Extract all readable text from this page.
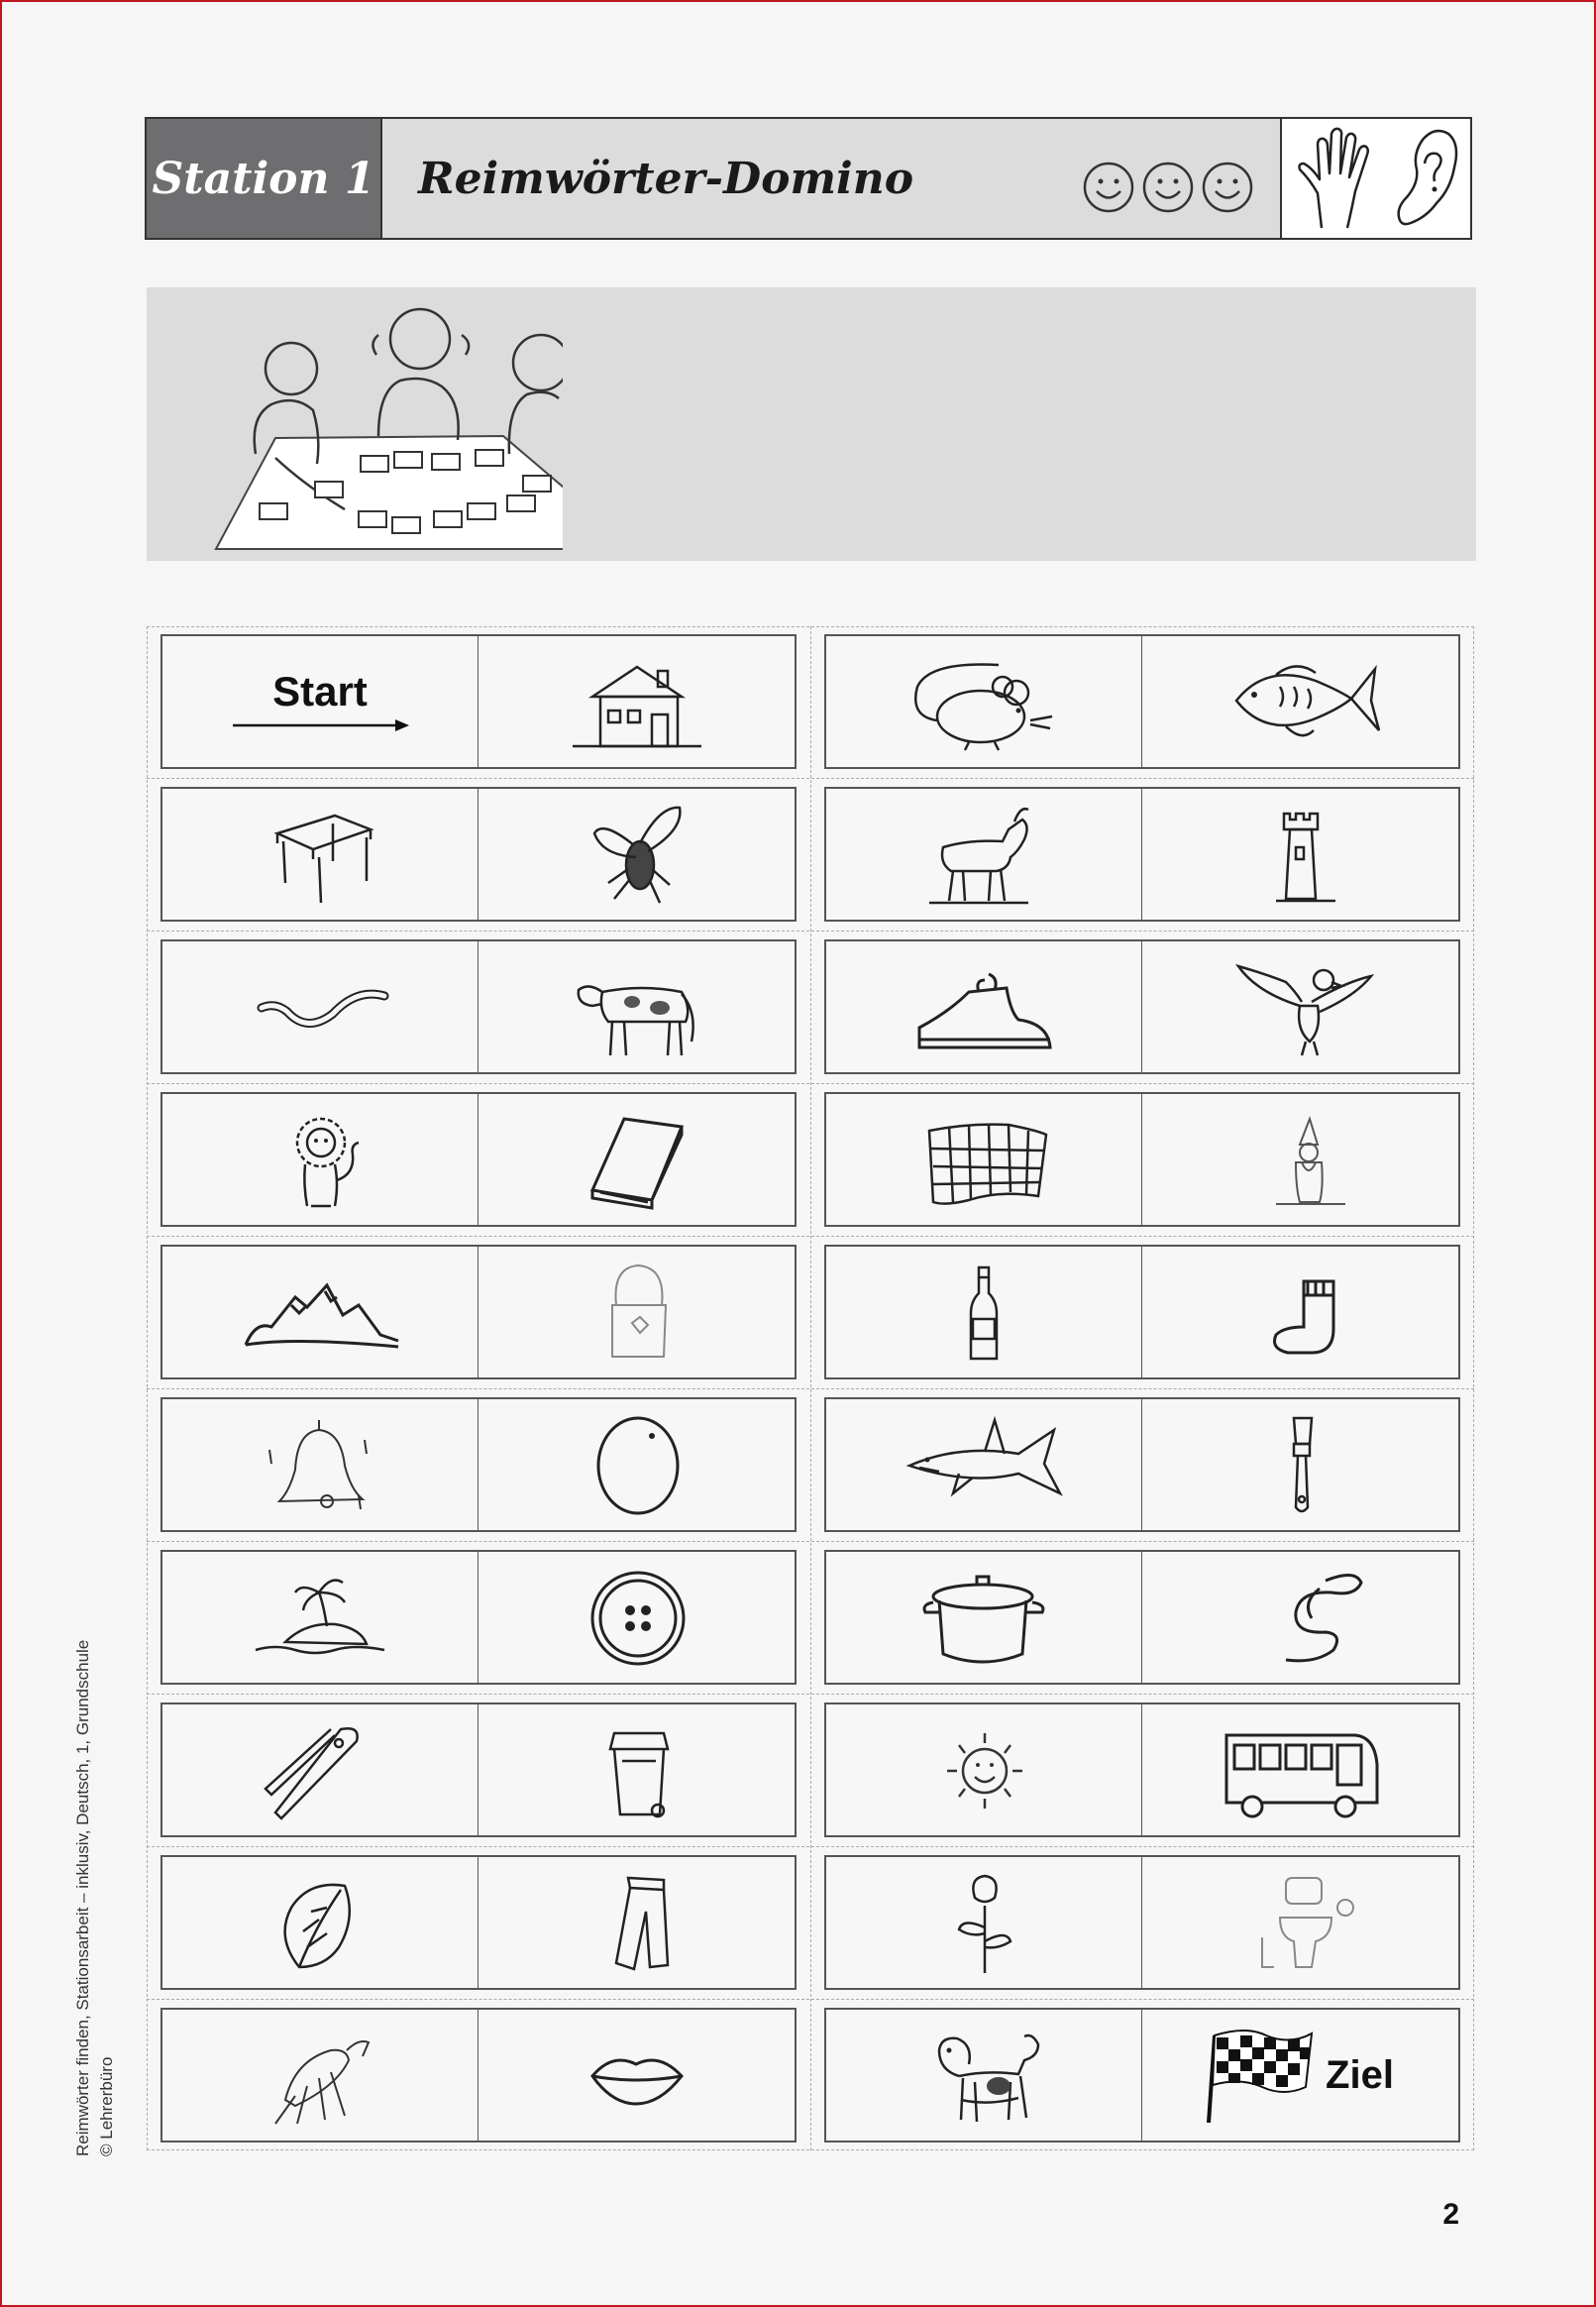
Station 1 Reimwörter-Domino
Start
Ziel
Reimwörter finden, Stationsarbeit – inklusiv, Deutsch, 1, Grundschule © Lehrerbüro
2
